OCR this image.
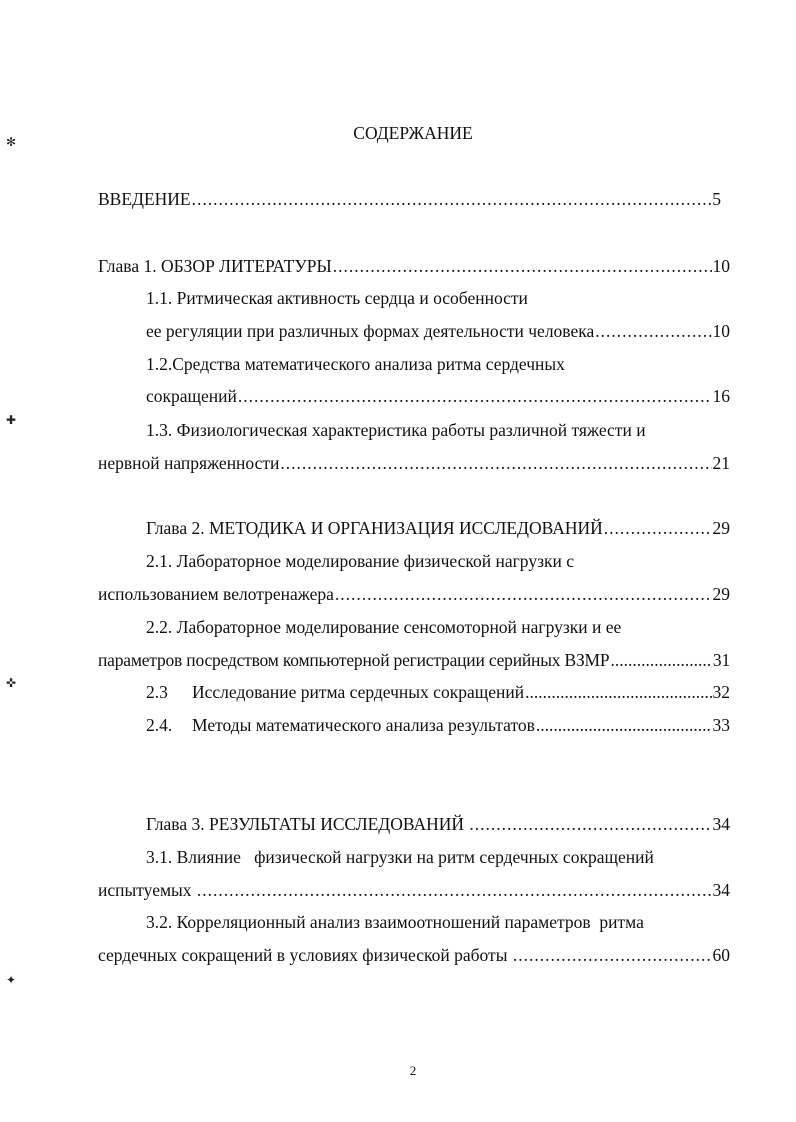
СОДЕРЖАНИЕ
✻
✚
✜
✦
ВВЕДЕНИЕ .....	5
Глава 1. ОБЗОР ЛИТЕРАТУРЫ .....	10
1.1. Ритмическая активность сердца и особенности
ее регуляции при различных формах деятельности человека .....	10
1.2.Средства математического анализа ритма сердечных
сокращений .....	16
1.3. Физиологическая характеристика работы различной тяжести и
нервной напряженности .....	21
Глава 2. МЕТОДИКА И ОРГАНИЗАЦИЯ ИССЛЕДОВАНИЙ .....	29
2.1. Лабораторное моделирование физической нагрузки с
использованием велотренажера .....	29
2.2. Лабораторное моделирование сенсомоторной нагрузки и ее
параметров посредством компьютерной регистрации серийных ВЗМР .....	31
2.3	Исследование ритма сердечных сокращений .....	32
2.4.	Методы математического анализа результатов .....	33
Глава 3. РЕЗУЛЬТАТЫ ИССЛЕДОВАНИЙ .....	34
3.1. Влияние   физической нагрузки на ритм сердечных сокращений
испытуемых .....	34
3.2. Корреляционный анализ взаимоотношений параметров  ритма
сердечных сокращений в условиях физической работы .....	60
2
